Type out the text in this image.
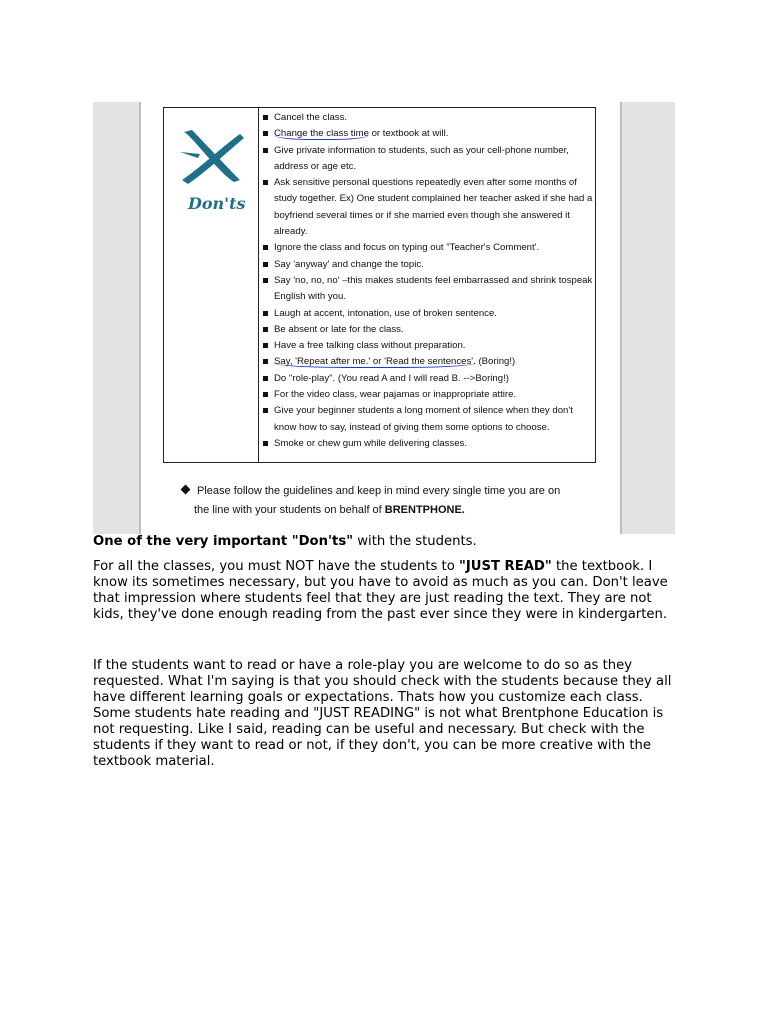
Don'ts
Cancel the class.
Change the class time or textbook at will.
Give private information to students, such as your cell-phone number, address or age etc.
Ask sensitive personal questions repeatedly even after some months of study together. Ex) One student complained her teacher asked if she had a boyfriend several times or if she married even though she answered it already.
Ignore the class and focus on typing out "Teacher's Comment'.
Say 'anyway' and change the topic.
Say 'no, no, no' –this makes students feel embarrassed and shrink tospeak English with you.
Laugh at accent, intonation, use of broken sentence.
Be absent or late for the class.
Have a free talking class without preparation.
Say, 'Repeat after me.' or 'Read the sentences'. (Boring!)
Do "role-play". (You read A and I will read B. -->Boring!)
For the video class, wear pajamas or inappropriate attire.
Give your beginner students a long moment of silence when they don't know how to say, instead of giving them some options to choose.
Smoke or chew gum while delivering classes.
Please follow the guidelines and keep in mind every single time you are on
the line with your students on behalf of BRENTPHONE.

One of the very important "Don'ts" with the students.

For all the classes, you must NOT have the students to "JUST READ" the textbook. I know its sometimes necessary, but you have to avoid as much as you can. Don't leave that impression where students feel that they are just reading the text. They are not kids, they've done enough reading from the past ever since they were in kindergarten.

If the students want to read or have a role-play you are welcome to do so as they requested. What I'm saying is that you should check with the students because they all have different learning goals or expectations. Thats how you customize each class. Some students hate reading and "JUST READING" is not what Brentphone Education is not requesting. Like I said, reading can be useful and necessary. But check with the students if they want to read or not, if they don't, you can be more creative with the textbook material.
